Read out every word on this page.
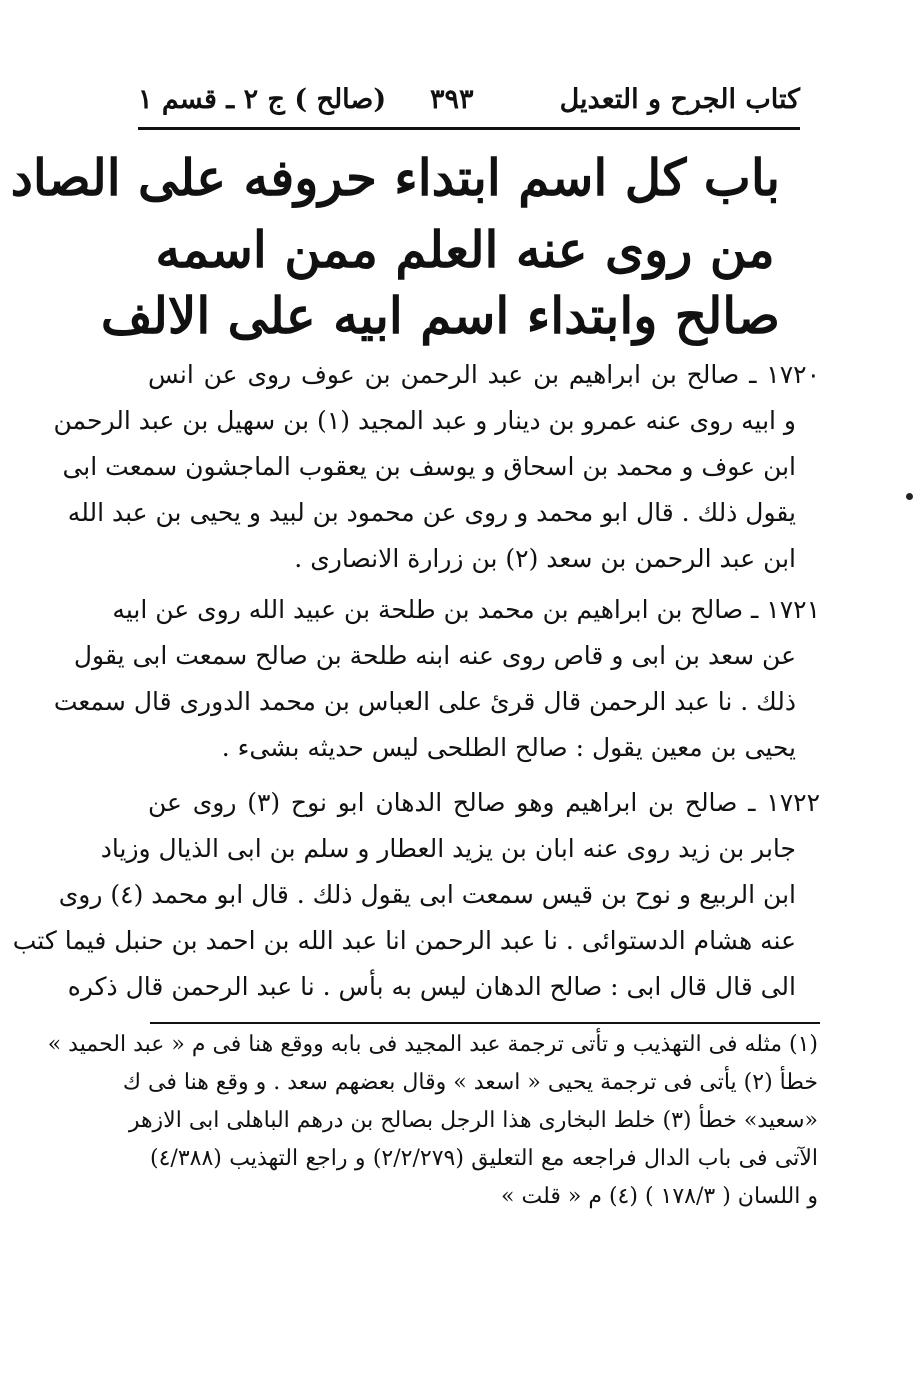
كتاب الجرح و التعديل
٣٩٣
(صالح ) ج ٢ ـ قسم ١
باب كل اسم ابتداء حروفه على الصاد
من روى عنه العلم ممن اسمه
صالح وابتداء اسم ابيه على الالف
١٧٢٠ ـ صالح بن ابراهيم بن عبد الرحمن بن عوف روى عن انس
و ابيه روى عنه عمرو بن دينار و عبد المجيد (١) بن سهيل بن عبد الرحمن
ابن عوف و محمد بن اسحاق و يوسف بن يعقوب الماجشون سمعت ابى
يقول ذلك . قال ابو محمد و روى عن محمود بن لبيد و يحيى بن عبد الله
ابن عبد الرحمن بن سعد (٢) بن زرارة الانصارى .
١٧٢١ ـ صالح بن ابراهيم بن محمد بن طلحة بن عبيد الله روى عن ابيه
عن سعد بن ابى و قاص روى عنه ابنه طلحة بن صالح سمعت ابى يقول
ذلك . نا عبد الرحمن قال قرئ على العباس بن محمد الدورى قال سمعت
يحيى بن معين يقول : صالح الطلحى ليس حديثه بشىء .
١٧٢٢ ـ صالح بن ابراهيم وهو صالح الدهان ابو نوح (٣) روى عن
جابر بن زيد روى عنه ابان بن يزيد العطار و سلم بن ابى الذيال وزياد
ابن الربيع و نوح بن قيس سمعت ابى يقول ذلك . قال ابو محمد (٤) روى
عنه هشام الدستوائى . نا عبد الرحمن انا عبد الله بن احمد بن حنبل فيما كتب
الى قال قال ابى : صالح الدهان ليس به بأس . نا عبد الرحمن قال ذكره
(١) مثله فى التهذيب و تأتى ترجمة عبد المجيد فى بابه ووقع هنا فى م « عبد الحميد »
خطأ (٢) يأتى فى ترجمة يحيى « اسعد » وقال بعضهم سعد . و وقع هنا فى ك
«سعيد» خطأ (٣) خلط البخارى هذا الرجل بصالح بن درهم الباهلى ابى الازهر
الآتى فى باب الدال فراجعه مع التعليق (٢/٢/٢٧٩) و راجع التهذيب (٤/٣٨٨)
و اللسان ( ١٧٨/٣ ) (٤) م « قلت »
